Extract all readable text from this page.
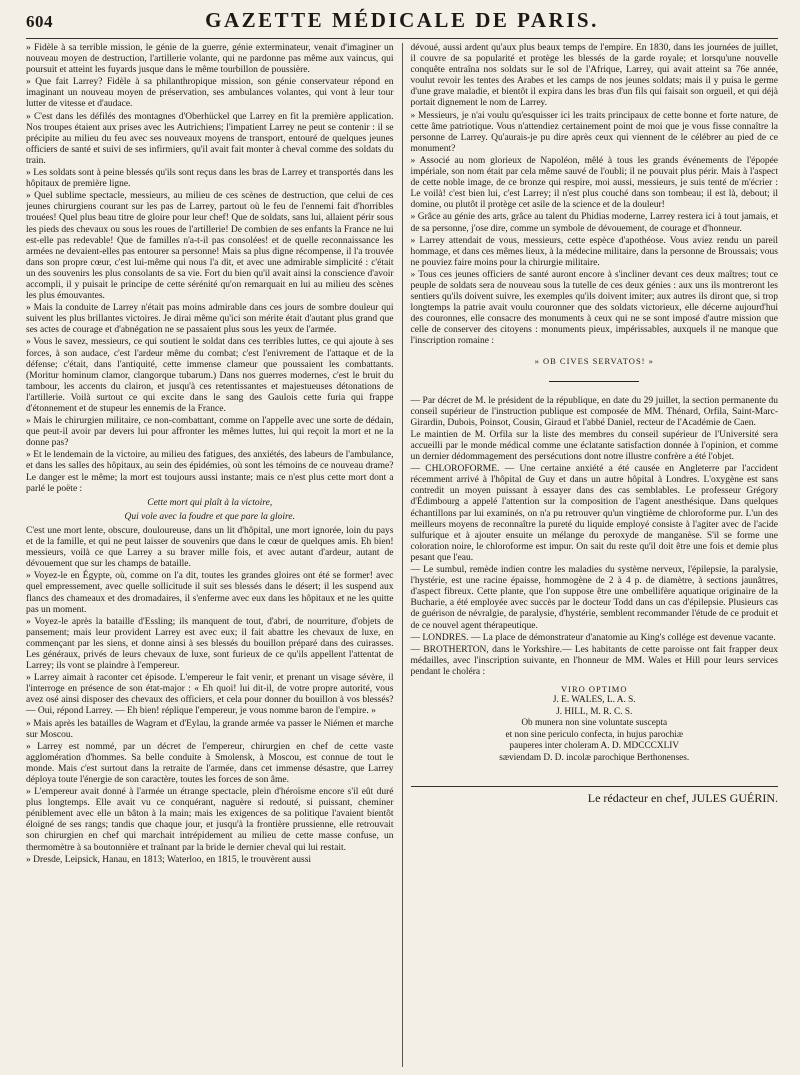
604	GAZETTE MÉDICALE DE PARIS.

» Fidèle à sa terrible mission, le génie de la guerre, génie exterminateur, venait d'imaginer un nouveau moyen de destruction, l'artillerie volante, qui ne pardonne pas même aux vaincus, qui poursuit et atteint les fuyards jusque dans le même tourbillon de poussière.

» Que fait Larrey? Fidèle à sa philanthropique mission, son génie conservateur répond en imaginant un nouveau moyen de préservation, ses ambulances volantes, qui vont à leur tour lutter de vitesse et d'audace.

» C'est dans les défilés des montagnes d'Oberhückel que Larrey en fit la première application. Nos troupes étaient aux prises avec les Autrichiens; l'impatient Larrey ne peut se contenir : il se précipite au milieu du feu avec ses nouveaux moyens de transport, entouré de quelques jeunes officiers de santé et suivi de ses infirmiers, qu'il avait fait monter à cheval comme des soldats du train.

» Les soldats sont à peine blessés qu'ils sont reçus dans les bras de Larrey et transportés dans les hôpitaux de première ligne.

» Quel sublime spectacle, messieurs, au milieu de ces scènes de destruction, que celui de ces jeunes chirurgiens courant sur les pas de Larrey, partout où le feu de l'ennemi fait d'horribles trouées! Quel plus beau titre de gloire pour leur chef! Que de soldats, sans lui, allaient périr sous les pieds des chevaux ou sous les roues de l'artillerie! De combien de ses enfants la France ne lui est-elle pas redevable! Que de familles n'a-t-il pas consolées! et de quelle reconnaissance les armées ne devaient-elles pas entourer sa personne! Mais sa plus digne récompense, il l'a trouvée dans son propre cœur, c'est lui-même qui nous l'a dit, et avec une admirable simplicité : c'était un des souvenirs les plus consolants de sa vie. Fort du bien qu'il avait ainsi la conscience d'avoir accompli, il y puisait le principe de cette sérénité qu'on remarquait en lui au milieu des scènes les plus émouvantes.

» Mais la conduite de Larrey n'était pas moins admirable dans ces jours de sombre douleur qui suivent les plus brillantes victoires. Je dirai même qu'ici son mérite était d'autant plus grand que ses actes de courage et d'abnégation ne se passaient plus sous les yeux de l'armée.

» Vous le savez, messieurs, ce qui soutient le soldat dans ces terribles luttes, ce qui ajoute à ses forces, à son audace, c'est l'ardeur même du combat; c'est l'enivrement de l'attaque et de la défense; c'était, dans l'antiquité, cette immense clameur que poussaient les combattants. (Moritur hominum clamor, clangorque tubarum.) Dans nos guerres modernes, c'est le bruit du tambour, les accents du clairon, et jusqu'à ces retentissantes et majestueuses détonations de l'artillerie. Voilà surtout ce qui excite dans le sang des Gaulois cette furia qui frappe d'étonnement et de stupeur les ennemis de la France.

» Mais le chirurgien militaire, ce non-combattant, comme on l'appelle avec une sorte de dédain, que peut-il avoir par devers lui pour affronter les mêmes luttes, lui qui reçoit la mort et ne la donne pas?

» Et le lendemain de la victoire, au milieu des fatigues, des anxiétés, des labeurs de l'ambulance, et dans les salles des hôpitaux, au sein des épidémies, où sont les témoins de ce nouveau drame? Le danger est le même; la mort est toujours aussi instante; mais ce n'est plus cette mort dont a parlé le poëte :

Cette mort qui plaît à la victoire,

Qui vole avec la foudre et que pare la gloire.

C'est une mort lente, obscure, douloureuse, dans un lit d'hôpital, une mort ignorée, loin du pays et de la famille, et qui ne peut laisser de souvenirs que dans le cœur de quelques amis. Eh bien! messieurs, voilà ce que Larrey a su braver mille fois, et avec autant d'ardeur, autant de dévouement que sur les champs de bataille.

» Voyez-le en Égypte, où, comme on l'a dit, toutes les grandes gloires ont été se former! avec quel empressement, avec quelle sollicitude il suit ses blessés dans le désert; il les suspend aux flancs des chameaux et des dromadaires, il s'enferme avec eux dans les hôpitaux et ne les quitte pas un moment.

» Voyez-le après la bataille d'Essling; ils manquent de tout, d'abri, de nourriture, d'objets de pansement; mais leur provident Larrey est avec eux; il fait abattre les chevaux de luxe, en commençant par les siens, et donne ainsi à ses blessés du bouillon préparé dans des cuirasses. Les généraux, privés de leurs chevaux de luxe, sont furieux de ce qu'ils appellent l'attentat de Larrey; ils vont se plaindre à l'empereur.

» Larrey aimait à raconter cet épisode. L'empereur le fait venir, et prenant un visage sévère, il l'interroge en présence de son état-major : « Eh quoi! lui dit-il, de votre propre autorité, vous avez osé ainsi disposer des chevaux des officiers, et cela pour donner du bouillon à vos blessés? — Oui, répond Larrey. — Eh bien! réplique l'empereur, je vous nomme baron de l'empire. »

» Mais après les batailles de Wagram et d'Eylau, la grande armée va passer le Niémen et marche sur Moscou.

» Larrey est nommé, par un décret de l'empereur, chirurgien en chef de cette vaste agglomération d'hommes. Sa belle conduite à Smolensk, à Moscou, est connue de tout le monde. Mais c'est surtout dans la retraite de l'armée, dans cet immense désastre, que Larrey déploya toute l'énergie de son caractère, toutes les forces de son âme.

» L'empereur avait donné à l'armée un étrange spectacle, plein d'héroïsme encore s'il eût duré plus longtemps. Elle avait vu ce conquérant, naguère si redouté, si puissant, cheminer péniblement avec elle un bâton à la main; mais les exigences de sa politique l'avaient bientôt éloigné de ses rangs; tandis que chaque jour, et jusqu'à la frontière prussienne, elle retrouvait son chirurgien en chef qui marchait intrépidement au milieu de cette masse confuse, un thermomètre à sa boutonnière et traînant par la bride le dernier cheval qui lui restait.

» Dresde, Leipsick, Hanau, en 1813; Waterloo, en 1815, le trouvèrent aussi

dévoué, aussi ardent qu'aux plus beaux temps de l'empire. En 1830, dans les journées de juillet, il couvre de sa popularité et protège les blessés de la garde royale; et lorsqu'une nouvelle conquête entraîna nos soldats sur le sol de l'Afrique, Larrey, qui avait atteint sa 76e année, voulut revoir les tentes des Arabes et les camps de nos jeunes soldats; mais il y puisa le germe d'une grave maladie, et bientôt il expira dans les bras d'un fils qui faisait son orgueil, et qui déjà portait dignement le nom de Larrey.

» Messieurs, je n'ai voulu qu'esquisser ici les traits principaux de cette bonne et forte nature, de cette âme patriotique. Vous n'attendiez certainement point de moi que je vous fisse connaître la personne de Larrey. Qu'aurais-je pu dire après ceux qui viennent de le célébrer au pied de ce monument?

» Associé au nom glorieux de Napoléon, mêlé à tous les grands événements de l'épopée impériale, son nom était par cela même sauvé de l'oubli; il ne pouvait plus périr. Mais à l'aspect de cette noble image, de ce bronze qui respire, moi aussi, messieurs, je suis tenté de m'écrier : Le voilà! c'est bien lui, c'est Larrey; il n'est plus couché dans son tombeau; il est là, debout; il domine, ou plutôt il protège cet asile de la science et de la douleur!

» Grâce au génie des arts, grâce au talent du Phidias moderne, Larrey restera ici à tout jamais, et de sa personne, j'ose dire, comme un symbole de dévouement, de courage et d'honneur.

» Larrey attendait de vous, messieurs, cette espèce d'apothéose. Vous aviez rendu un pareil hommage, et dans ces mêmes lieux, à la médecine militaire, dans la personne de Broussais; vous ne pouviez faire moins pour la chirurgie militaire.

» Tous ces jeunes officiers de santé auront encore à s'incliner devant ces deux maîtres; tout ce peuple de soldats sera de nouveau sous la tutelle de ces deux génies : aux uns ils montreront les sentiers qu'ils doivent suivre, les exemples qu'ils doivent imiter; aux autres ils diront que, si trop longtemps la patrie avait voulu couronner que des soldats victorieux, elle décerne aujourd'hui des couronnes, elle consacre des monuments à ceux qui ne se sont imposé d'autre mission que celle de conserver des citoyens : monuments pieux, impérissables, auxquels il ne manque que l'inscription romaine :

» OB CIVES SERVATOS! »

— Par décret de M. le président de la république, en date du 29 juillet, la section permanente du conseil supérieur de l'instruction publique est composée de MM. Thénard, Orfila, Saint-Marc-Girardin, Dubois, Poinsot, Cousin, Giraud et l'abbé Daniel, recteur de l'Académie de Caen.

Le maintien de M. Orfila sur la liste des membres du conseil supérieur de l'Université sera accueilli par le monde médical comme une éclatante satisfaction donnée à l'opinion, et comme un dernier dédommagement des persécutions dont notre illustre confrère a été l'objet.

— CHLOROFORME. — Une certaine anxiété a été causée en Angleterre par l'accident récemment arrivé à l'hôpital de Guy et dans un autre hôpital à Londres. L'oxygène est sans contredit un moyen puissant à essayer dans des cas semblables. Le professeur Grégory d'Édimbourg a appelé l'attention sur la composition de l'agent anesthésique. Dans quelques échantillons par lui examinés, on n'a pu retrouver qu'un vingtième de chloroforme pur. L'un des meilleurs moyens de reconnaître la pureté du liquide employé consiste à l'agiter avec de l'acide sulfurique et à ajouter ensuite un mélange du peroxyde de manganèse. S'il se forme une coloration noire, le chloroforme est impur. On sait du reste qu'il doit être une fois et demie plus pesant que l'eau.

— Le sumbul, remède indien contre les maladies du système nerveux, l'épilepsie, la paralysie, l'hystérie, est une racine épaisse, hommogène de 2 à 4 p. de diamètre, à sections jaunâtres, d'aspect fibreux. Cette plante, que l'on suppose être une ombellifère aquatique originaire de la Bucharie, a été employée avec succès par le docteur Todd dans un cas d'épilepsie. Plusieurs cas de guérison de névralgie, de paralysie, d'hystérie, semblent recommander l'étude de ce produit et de ce nouvel agent thérapeutique.

— LONDRES. — La place de démonstrateur d'anatomie au King's collége est devenue vacante.

— BROTHERTON, dans le Yorkshire.— Les habitants de cette paroisse ont fait frapper deux médailles, avec l'inscription suivante, en l'honneur de MM. Wales et Hill pour leurs services pendant le choléra :

VIRO OPTIMO
J. E. WALES, L. A. S.
J. HILL, M. R. C. S.
Ob munera non sine voluntate suscepta
et non sine periculo confecta, in hujus parochiæ
pauperes inter choleram A. D. MDCCCXLIV
sæviendam D. D. incolæ parochique Berthonenses.
Le rédacteur en chef, JULES GUÉRIN.
